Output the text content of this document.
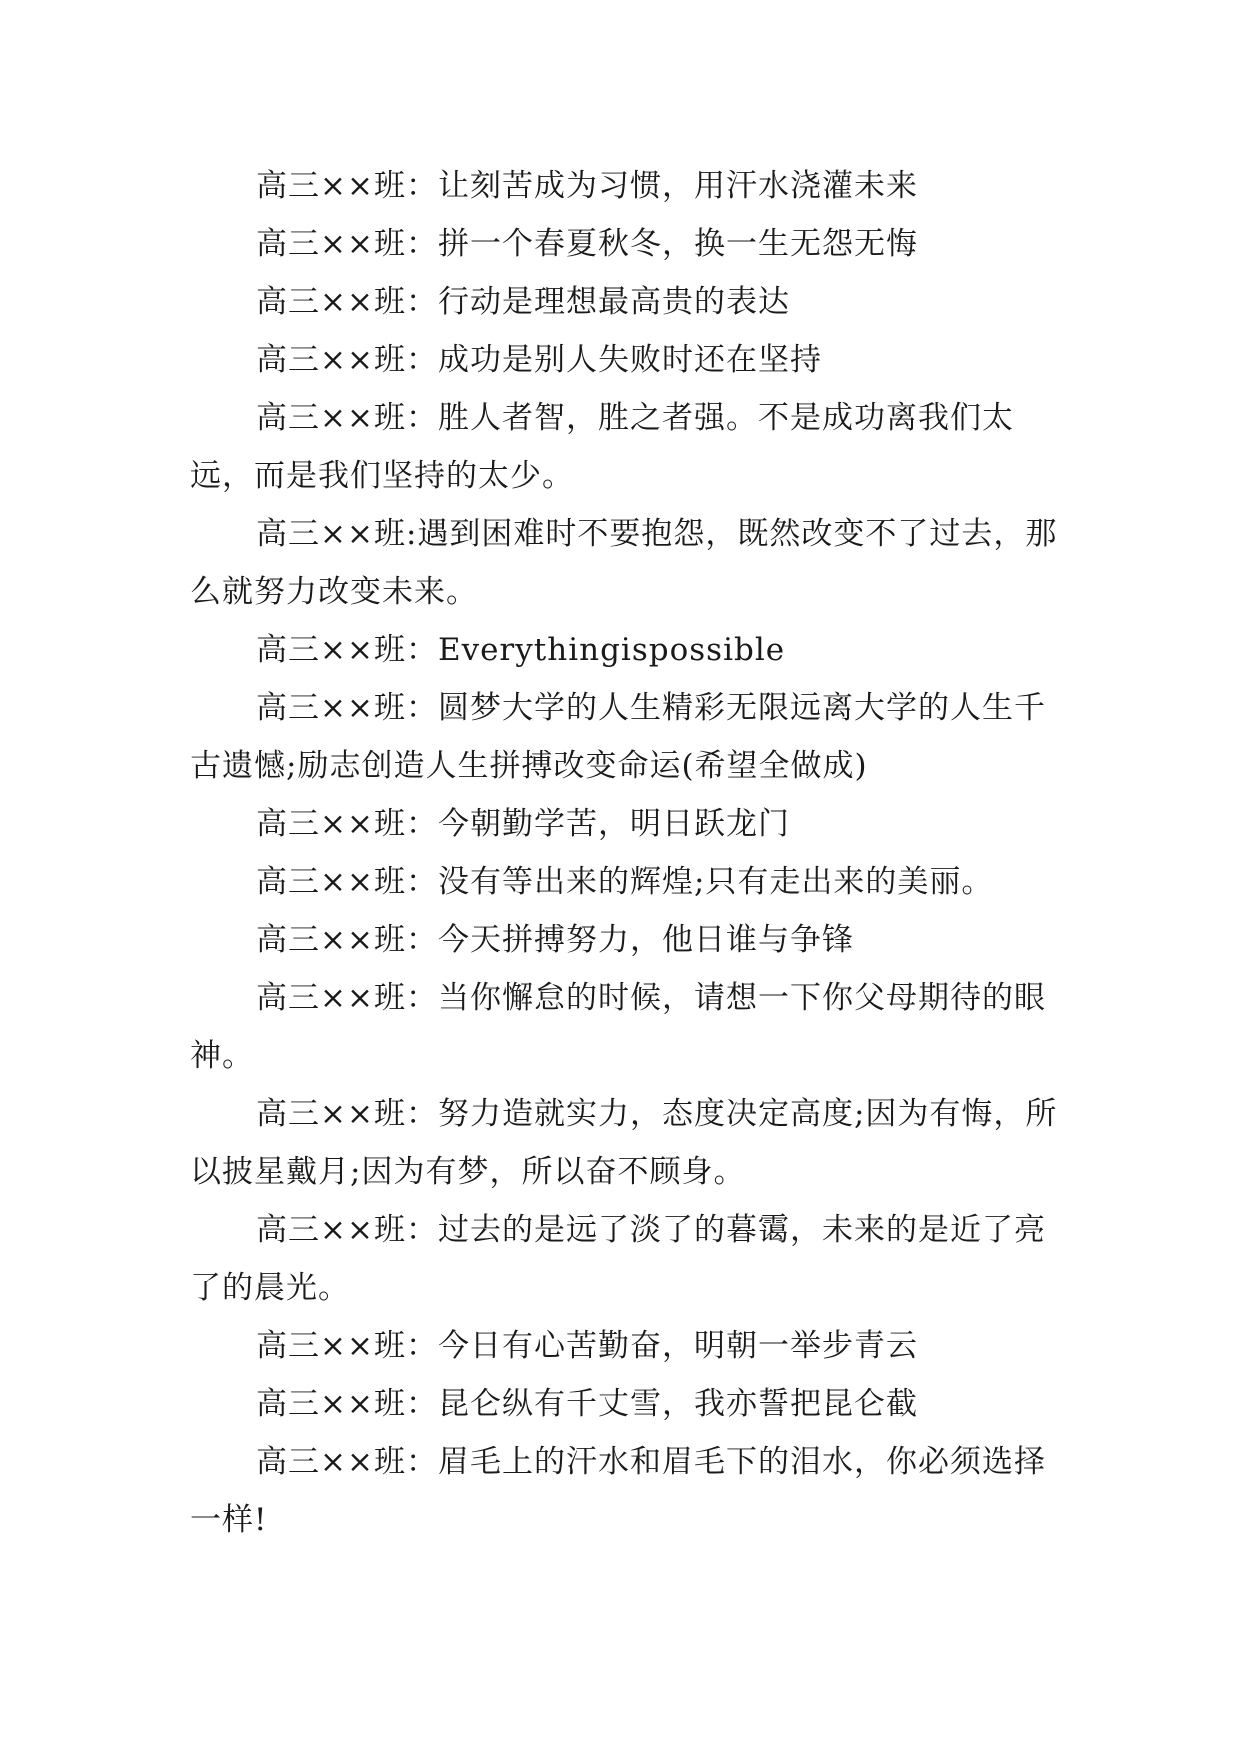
高三××班：让刻苦成为习惯，用汗水浇灌未来

高三××班：拼一个春夏秋冬，换一生无怨无悔

高三××班：行动是理想最高贵的表达

高三××班：成功是别人失败时还在坚持

高三××班：胜人者智，胜之者强。不是成功离我们太远，而是我们坚持的太少。

高三××班:遇到困难时不要抱怨，既然改变不了过去，那么就努力改变未来。

高三××班：Everythingispossible

高三××班：圆梦大学的人生精彩无限远离大学的人生千古遗憾;励志创造人生拼搏改变命运(希望全做成)

高三××班：今朝勤学苦，明日跃龙门

高三××班：没有等出来的辉煌;只有走出来的美丽。

高三××班：今天拼搏努力，他日谁与争锋

高三××班：当你懈怠的时候，请想一下你父母期待的眼神。

高三××班：努力造就实力，态度决定高度;因为有悔，所以披星戴月;因为有梦，所以奋不顾身。

高三××班：过去的是远了淡了的暮霭，未来的是近了亮了的晨光。

高三××班：今日有心苦勤奋，明朝一举步青云

高三××班：昆仑纵有千丈雪，我亦誓把昆仑截

高三××班：眉毛上的汗水和眉毛下的泪水，你必须选择一样!
